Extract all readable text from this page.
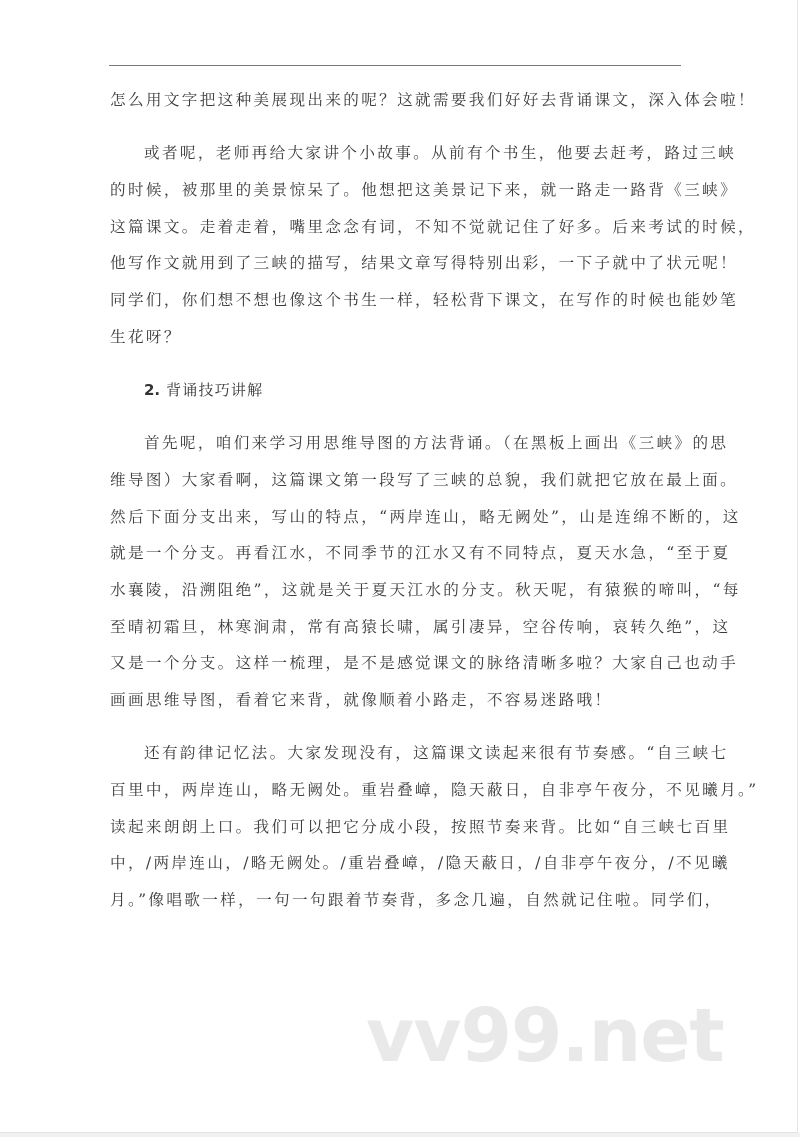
怎么用文字把这种美展现出来的呢？这就需要我们好好去背诵课文，深入体会啦！
或者呢，老师再给大家讲个小故事。从前有个书生，他要去赶考，路过三峡
的时候，被那里的美景惊呆了。他想把这美景记下来，就一路走一路背《三峡》
这篇课文。走着走着，嘴里念念有词，不知不觉就记住了好多。后来考试的时候，
他写作文就用到了三峡的描写，结果文章写得特别出彩，一下子就中了状元呢！
同学们，你们想不想也像这个书生一样，轻松背下课文，在写作的时候也能妙笔
生花呀？
2. 背诵技巧讲解
首先呢，咱们来学习用思维导图的方法背诵。（在黑板上画出《三峡》的思
维导图）大家看啊，这篇课文第一段写了三峡的总貌，我们就把它放在最上面。
然后下面分支出来，写山的特点，“两岸连山，略无阙处”，山是连绵不断的，这
就是一个分支。再看江水，不同季节的江水又有不同特点，夏天水急，“至于夏
水襄陵，沿溯阻绝”，这就是关于夏天江水的分支。秋天呢，有猿猴的啼叫，“每
至晴初霜旦，林寒涧肃，常有高猿长啸，属引凄异，空谷传响，哀转久绝”，这
又是一个分支。这样一梳理，是不是感觉课文的脉络清晰多啦？大家自己也动手
画画思维导图，看着它来背，就像顺着小路走，不容易迷路哦！
还有韵律记忆法。大家发现没有，这篇课文读起来很有节奏感。“自三峡七
百里中，两岸连山，略无阙处。重岩叠嶂，隐天蔽日，自非亭午夜分，不见曦月。”
读起来朗朗上口。我们可以把它分成小段，按照节奏来背。比如“自三峡七百里
中，/两岸连山，/略无阙处。/重岩叠嶂，/隐天蔽日，/自非亭午夜分，/不见曦
月。”像唱歌一样，一句一句跟着节奏背，多念几遍，自然就记住啦。同学们，
vv99.net
